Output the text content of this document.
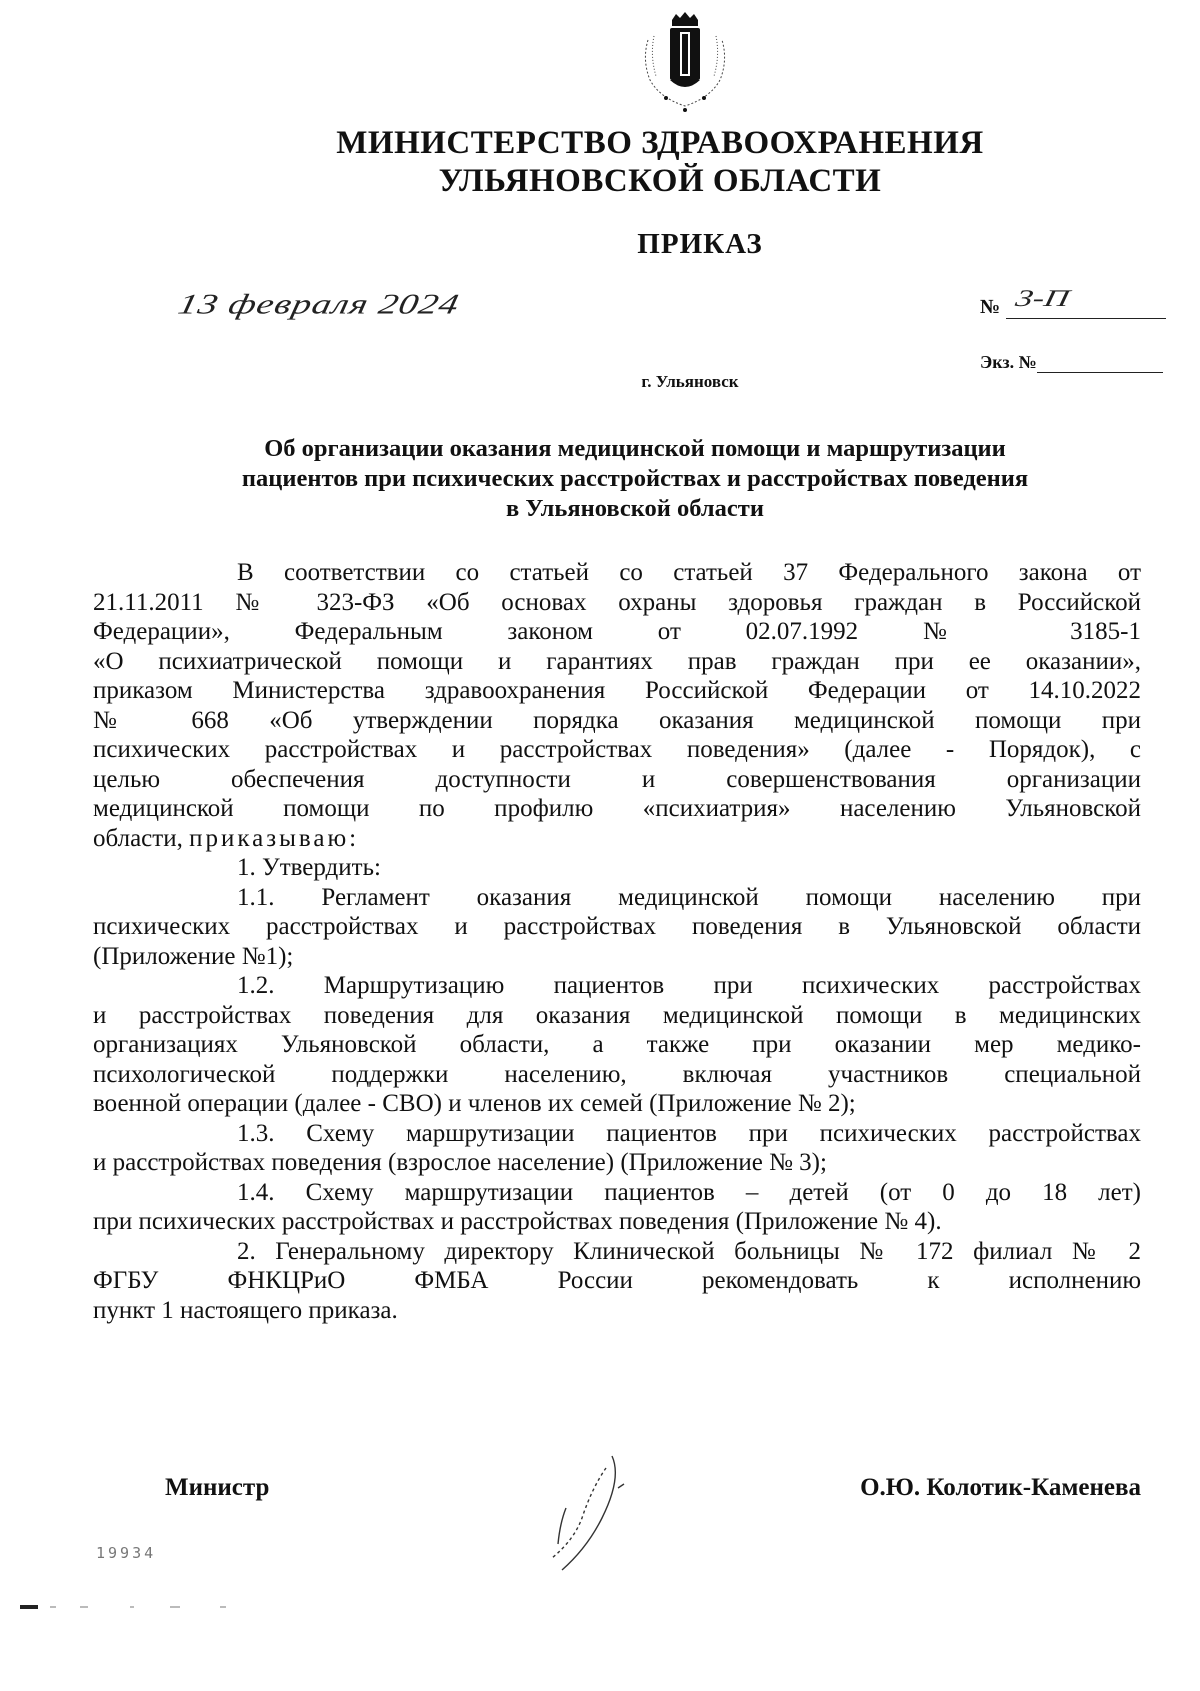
МИНИСТЕРСТВО ЗДРАВООХРАНЕНИЯ
УЛЬЯНОВСКОЙ ОБЛАСТИ
ПРИКАЗ
13 февраля 2024	№ 3-П
Экз. №
г. Ульяновск
Об организации оказания медицинской помощи и маршрутизации
пациентов при психических расстройствах и расстройствах поведения
в Ульяновской области
В соответствии со статьей со статьей 37 Федерального закона от
21.11.2011 № 323-ФЗ «Об основах охраны здоровья граждан в Российской
Федерации», Федеральным законом от 02.07.1992 № 3185-1
«О психиатрической помощи и гарантиях прав граждан при ее оказании»,
приказом Министерства здравоохранения Российской Федерации от 14.10.2022
№ 668 «Об утверждении порядка оказания медицинской помощи при
психических расстройствах и расстройствах поведения» (далее - Порядок), с
целью обеспечения доступности и совершенствования организации
медицинской помощи по профилю «психиатрия» населению Ульяновской
области, приказываю:
1. Утвердить:
1.1. Регламент оказания медицинской помощи населению при
психических расстройствах и расстройствах поведения в Ульяновской области
(Приложение №1);
1.2. Маршрутизацию пациентов при психических расстройствах
и расстройствах поведения для оказания медицинской помощи в медицинских
организациях Ульяновской области, а также при оказании мер медико-
психологической поддержки населению, включая участников специальной
военной операции (далее - СВО) и членов их семей (Приложение № 2);
1.3. Схему маршрутизации пациентов при психических расстройствах
и расстройствах поведения (взрослое население) (Приложение № 3);
1.4. Схему маршрутизации пациентов – детей (от 0 до 18 лет)
при психических расстройствах и расстройствах поведения (Приложение № 4).
2. Генеральному директору Клинической больницы № 172 филиал № 2
ФГБУ ФНКЦРиО ФМБА России рекомендовать к исполнению
пункт 1 настоящего приказа.
Министр	О.Ю. Колотик-Каменева
19934
